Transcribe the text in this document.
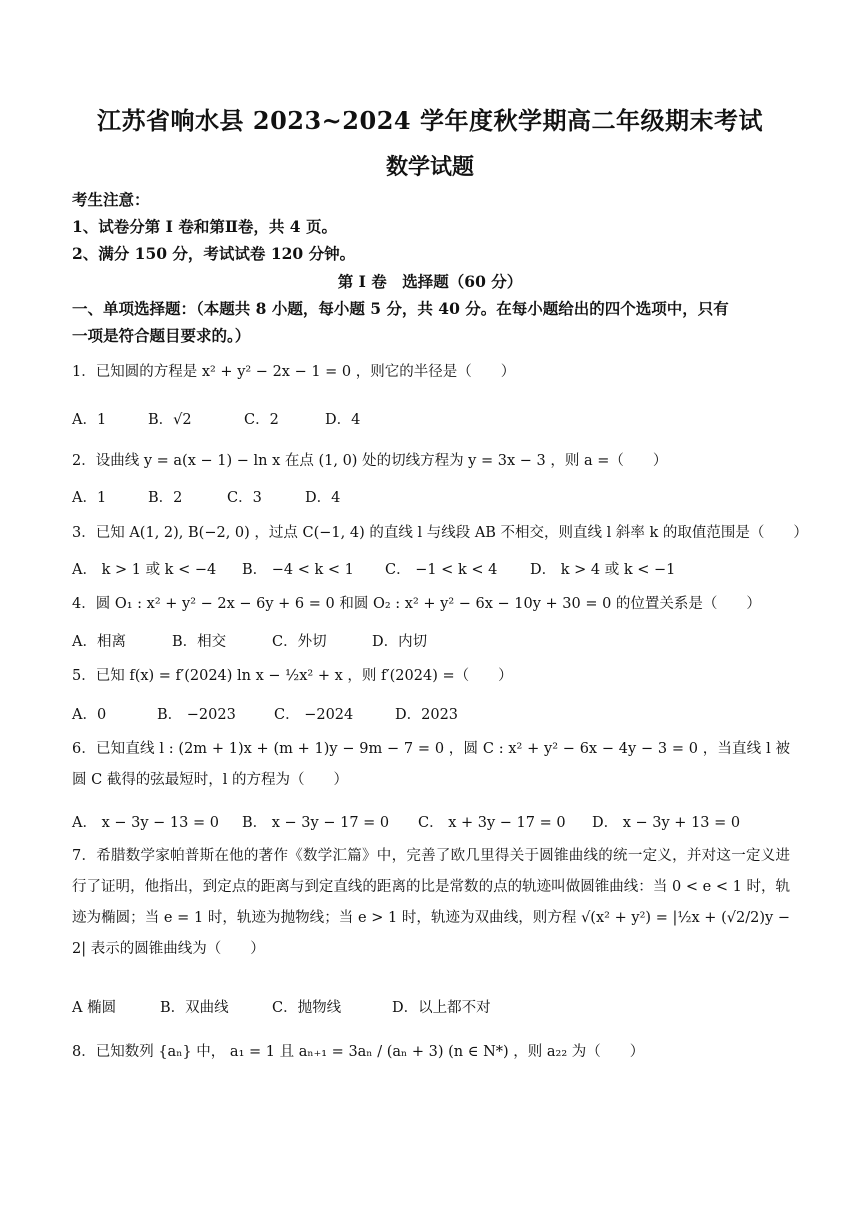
江苏省响水县 2023~2024 学年度秋学期高二年级期末考试
数学试题
考生注意：
1、试卷分第 I 卷和第Ⅱ卷，共 4 页。
2、满分 150 分，考试试卷 120 分钟。
第 I 卷　选择题（60 分）
一、单项选择题：（本题共 8 小题，每小题 5 分，共 40 分。在每小题给出的四个选项中，只有
一项是符合题目要求的。）
1．已知圆的方程是 x² + y² − 2x − 1 = 0 ，则它的半径是（　　）
A．1	B．√2	C．2	D．4
2．设曲线 y = a(x − 1) − ln x 在点 (1, 0) 处的切线方程为 y = 3x − 3 ，则 a =（　　）
A．1	B．2	C．3	D．4
3．已知 A(1, 2), B(−2, 0) ，过点 C(−1, 4) 的直线 l 与线段 AB 不相交，则直线 l 斜率 k 的取值范围是（　　）
A． k > 1 或 k < −4 B． −4 < k < 1 C． −1 < k < 4 D． k > 4 或 k < −1
4．圆 O₁ : x² + y² − 2x − 6y + 6 = 0 和圆 O₂ : x² + y² − 6x − 10y + 30 = 0 的位置关系是（　　）
A．相离	B．相交	C．外切	D．内切
5．已知 f(x) = f′(2024) ln x − ½x² + x ，则 f′(2024) =（　　）
A．0	B． −2023	C． −2024	D．2023
6．已知直线 l : (2m + 1)x + (m + 1)y − 9m − 7 = 0 ，圆 C : x² + y² − 6x − 4y − 3 = 0 ，当直线 l 被圆 C 截得的弦最短时，l 的方程为（　　）
A． x − 3y − 13 = 0 B． x − 3y − 17 = 0 C． x + 3y − 17 = 0 D． x − 3y + 13 = 0
7．希腊数学家帕普斯在他的著作《数学汇篇》中，完善了欧几里得关于圆锥曲线的统一定义，并对这一定义进行了证明，他指出，到定点的距离与到定直线的距离的比是常数的点的轨迹叫做圆锥曲线：当 0 < e < 1 时，轨迹为椭圆；当 e = 1 时，轨迹为抛物线；当 e > 1 时，轨迹为双曲线，则方程 √(x² + y²) = |½x + (√2/2)y − 2| 表示的圆锥曲线为（　　）
A 椭圆	B．双曲线	C．抛物线	D．以上都不对
8．已知数列 {aₙ} 中， a₁ = 1 且 aₙ₊₁ = 3aₙ / (aₙ + 3) (n ∈ N*) ，则 a₂₂ 为（　　）
